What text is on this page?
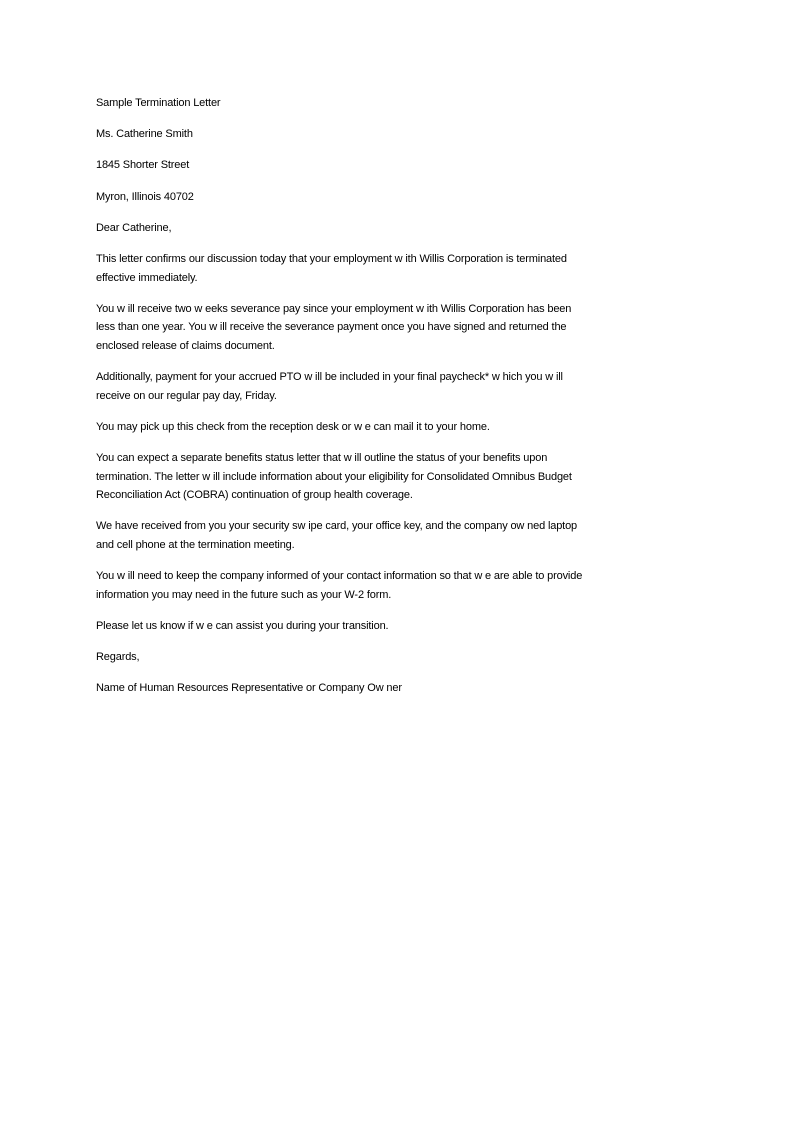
Sample Termination Letter

Ms. Catherine Smith

1845 Shorter Street

Myron, Illinois 40702

Dear Catherine,

This letter confirms our discussion today that your employment w ith Willis Corporation is terminated effective immediately.

You w ill receive two w eeks severance pay since your employment w ith Willis Corporation has been less than one year. You w ill receive the severance payment once you have signed and returned the enclosed release of claims document.

Additionally, payment for your accrued PTO w ill be included in your final paycheck* w hich you w ill receive on our regular pay day, Friday.

You may pick up this check from the reception desk or w e can mail it to your home.

You can expect a separate benefits status letter that w ill outline the status of your benefits upon termination. The letter w ill include information about your eligibility for Consolidated Omnibus Budget Reconciliation Act (COBRA) continuation of group health coverage.

We have received from you your security sw ipe card, your office key, and the company ow ned laptop and cell phone at the termination meeting.

You w ill need to keep the company informed of your contact information so that w e are able to provide information you may need in the future such as your W-2 form.

Please let us know if w e can assist you during your transition.

Regards,

Name of Human Resources Representative or Company Ow ner
